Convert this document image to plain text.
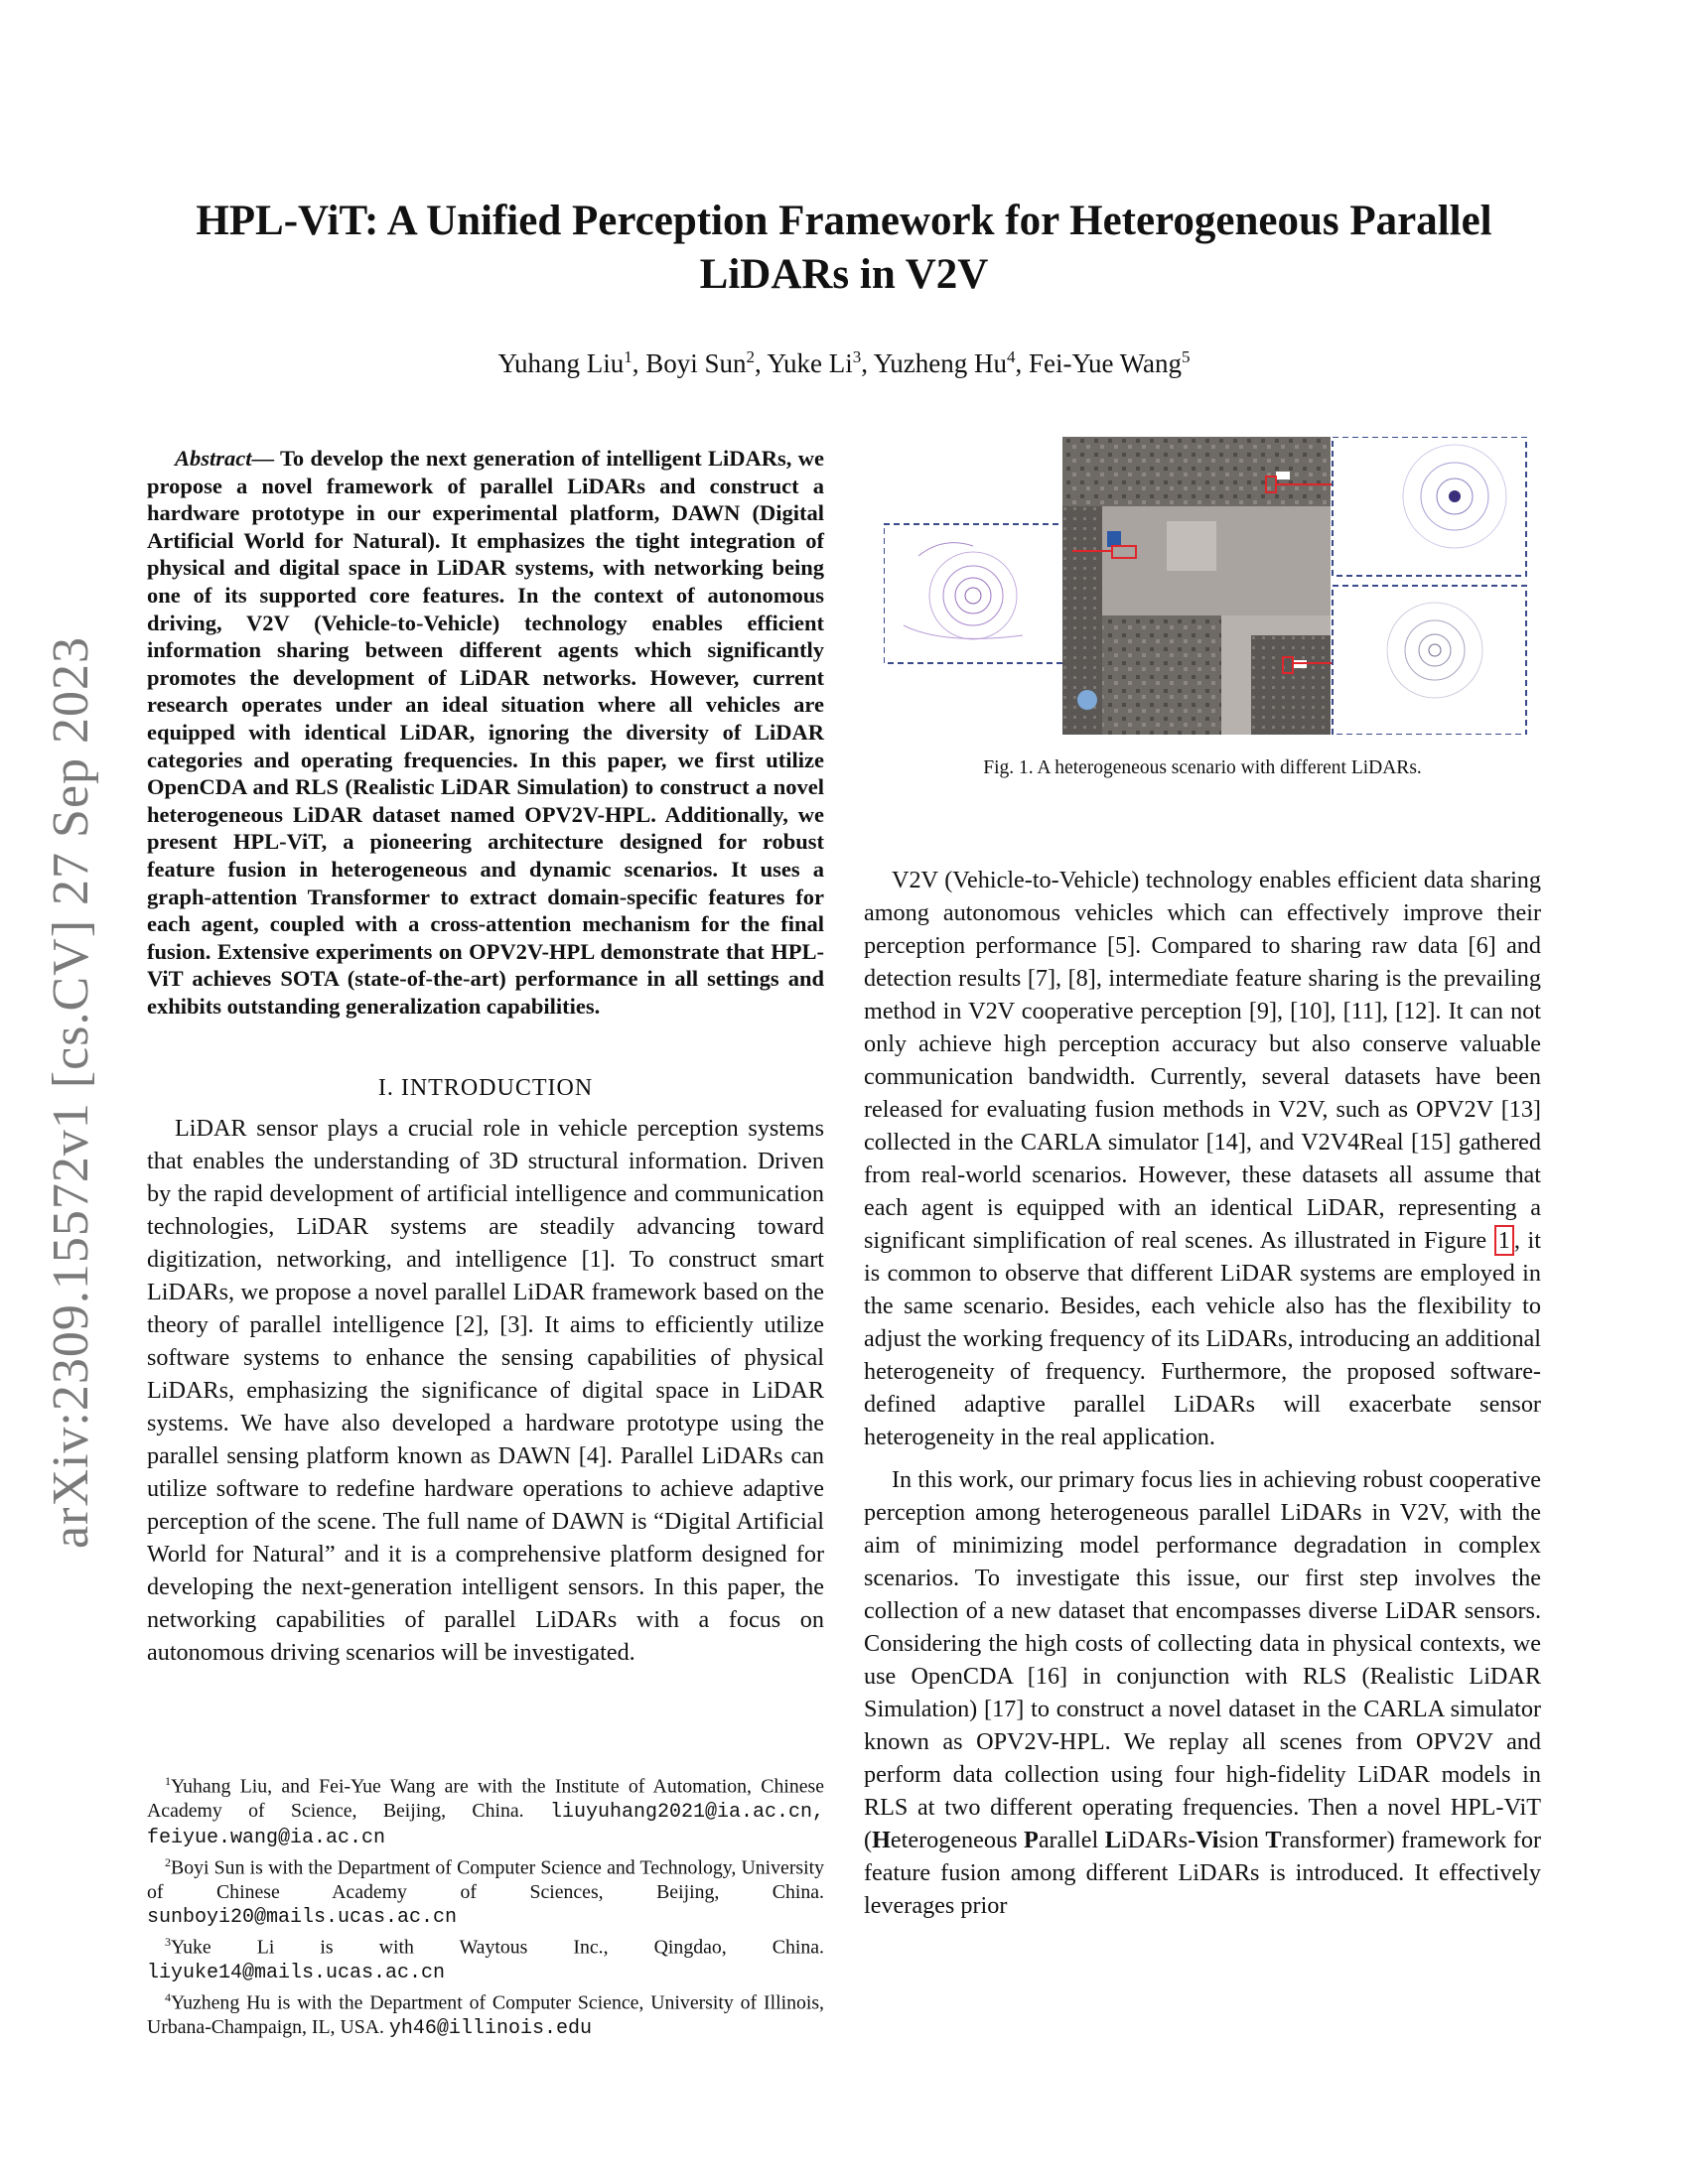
arXiv:2309.15572v1 [cs.CV] 27 Sep 2023
HPL-ViT: A Unified Perception Framework for Heterogeneous Parallel LiDARs in V2V
Yuhang Liu$^1$, Boyi Sun$^2$, Yuke Li$^3$, Yuzheng Hu$^4$, Fei-Yue Wang$^5$

Abstract— To develop the next generation of intelligent LiDARs, we propose a novel framework of parallel LiDARs and construct a hardware prototype in our experimental platform, DAWN (Digital Artificial World for Natural). It emphasizes the tight integration of physical and digital space in LiDAR systems, with networking being one of its supported core features. In the context of autonomous driving, V2V (Vehicle-to-Vehicle) technology enables efficient information sharing between different agents which significantly promotes the development of LiDAR networks. However, current research operates under an ideal situation where all vehicles are equipped with identical LiDAR, ignoring the diversity of LiDAR categories and operating frequencies. In this paper, we first utilize OpenCDA and RLS (Realistic LiDAR Simulation) to construct a novel heterogeneous LiDAR dataset named OPV2V-HPL. Additionally, we present HPL-ViT, a pioneering architecture designed for robust feature fusion in heterogeneous and dynamic scenarios. It uses a graph-attention Transformer to extract domain-specific features for each agent, coupled with a cross-attention mechanism for the final fusion. Extensive experiments on OPV2V-HPL demonstrate that HPL-ViT achieves SOTA (state-of-the-art) performance in all settings and exhibits outstanding generalization capabilities.

I. INTRODUCTION

LiDAR sensor plays a crucial role in vehicle perception systems that enables the understanding of 3D structural information. Driven by the rapid development of artificial intelligence and communication technologies, LiDAR systems are steadily advancing toward digitization, networking, and intelligence [1]. To construct smart LiDARs, we propose a novel parallel LiDAR framework based on the theory of parallel intelligence [2], [3]. It aims to efficiently utilize software systems to enhance the sensing capabilities of physical LiDARs, emphasizing the significance of digital space in LiDAR systems. We have also developed a hardware prototype using the parallel sensing platform known as DAWN [4]. Parallel LiDARs can utilize software to redefine hardware operations to achieve adaptive perception of the scene. The full name of DAWN is “Digital Artificial World for Natural” and it is a comprehensive platform designed for developing the next-generation intelligent sensors. In this paper, the networking capabilities of parallel LiDARs with a focus on autonomous driving scenarios will be investigated.

$^1$Yuhang Liu, and Fei-Yue Wang are with the Institute of Automation, Chinese Academy of Science, Beijing, China. liuyuhang2021@ia.ac.cn, feiyue.wang@ia.ac.cn

$^2$Boyi Sun is with the Department of Computer Science and Technology, University of Chinese Academy of Sciences, Beijing, China. sunboyi20@mails.ucas.ac.cn

$^3$Yuke Li is with Waytous Inc., Qingdao, China. liyuke14@mails.ucas.ac.cn

$^4$Yuzheng Hu is with the Department of Computer Science, University of Illinois, Urbana-Champaign, IL, USA. yh46@illinois.edu

Fig. 1. A heterogeneous scenario with different LiDARs.

V2V (Vehicle-to-Vehicle) technology enables efficient data sharing among autonomous vehicles which can effectively improve their perception performance [5]. Compared to sharing raw data [6] and detection results [7], [8], intermediate feature sharing is the prevailing method in V2V cooperative perception [9], [10], [11], [12]. It can not only achieve high perception accuracy but also conserve valuable communication bandwidth. Currently, several datasets have been released for evaluating fusion methods in V2V, such as OPV2V [13] collected in the CARLA simulator [14], and V2V4Real [15] gathered from real-world scenarios. However, these datasets all assume that each agent is equipped with an identical LiDAR, representing a significant simplification of real scenes. As illustrated in Figure 1 , it is common to observe that different LiDAR systems are employed in the same scenario. Besides, each vehicle also has the flexibility to adjust the working frequency of its LiDARs, introducing an additional heterogeneity of frequency. Furthermore, the proposed software-defined adaptive parallel LiDARs will exacerbate sensor heterogeneity in the real application.

In this work, our primary focus lies in achieving robust cooperative perception among heterogeneous parallel LiDARs in V2V, with the aim of minimizing model performance degradation in complex scenarios. To investigate this issue, our first step involves the collection of a new dataset that encompasses diverse LiDAR sensors. Considering the high costs of collecting data in physical contexts, we use OpenCDA [16] in conjunction with RLS (Realistic LiDAR Simulation) [17] to construct a novel dataset in the CARLA simulator known as OPV2V-HPL. We replay all scenes from OPV2V and perform data collection using four high-fidelity LiDAR models in RLS at two different operating frequencies. Then a novel HPL-ViT (Heterogeneous Parallel LiDARs-Vision Transformer) framework for feature fusion among different LiDARs is introduced. It effectively leverages prior
